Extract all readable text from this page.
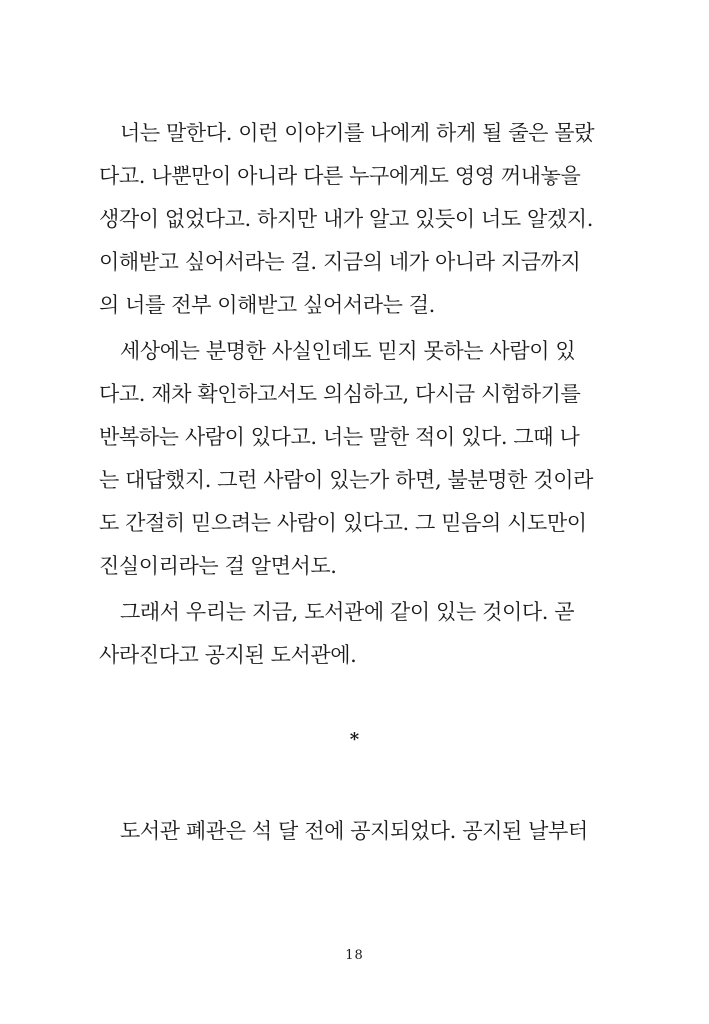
너는 말한다. 이런 이야기를 나에게 하게 될 줄은 몰랐
다고. 나뿐만이 아니라 다른 누구에게도 영영 꺼내놓을
생각이 없었다고. 하지만 내가 알고 있듯이 너도 알겠지.
이해받고 싶어서라는 걸. 지금의 네가 아니라 지금까지
의 너를 전부 이해받고 싶어서라는 걸.
세상에는 분명한 사실인데도 믿지 못하는 사람이 있
다고. 재차 확인하고서도 의심하고, 다시금 시험하기를
반복하는 사람이 있다고. 너는 말한 적이 있다. 그때 나
는 대답했지. 그런 사람이 있는가 하면, 불분명한 것이라
도 간절히 믿으려는 사람이 있다고. 그 믿음의 시도만이
진실이리라는 걸 알면서도.
그래서 우리는 지금, 도서관에 같이 있는 것이다. 곧
사라진다고 공지된 도서관에.
*
도서관 폐관은 석 달 전에 공지되었다. 공지된 날부터
18
